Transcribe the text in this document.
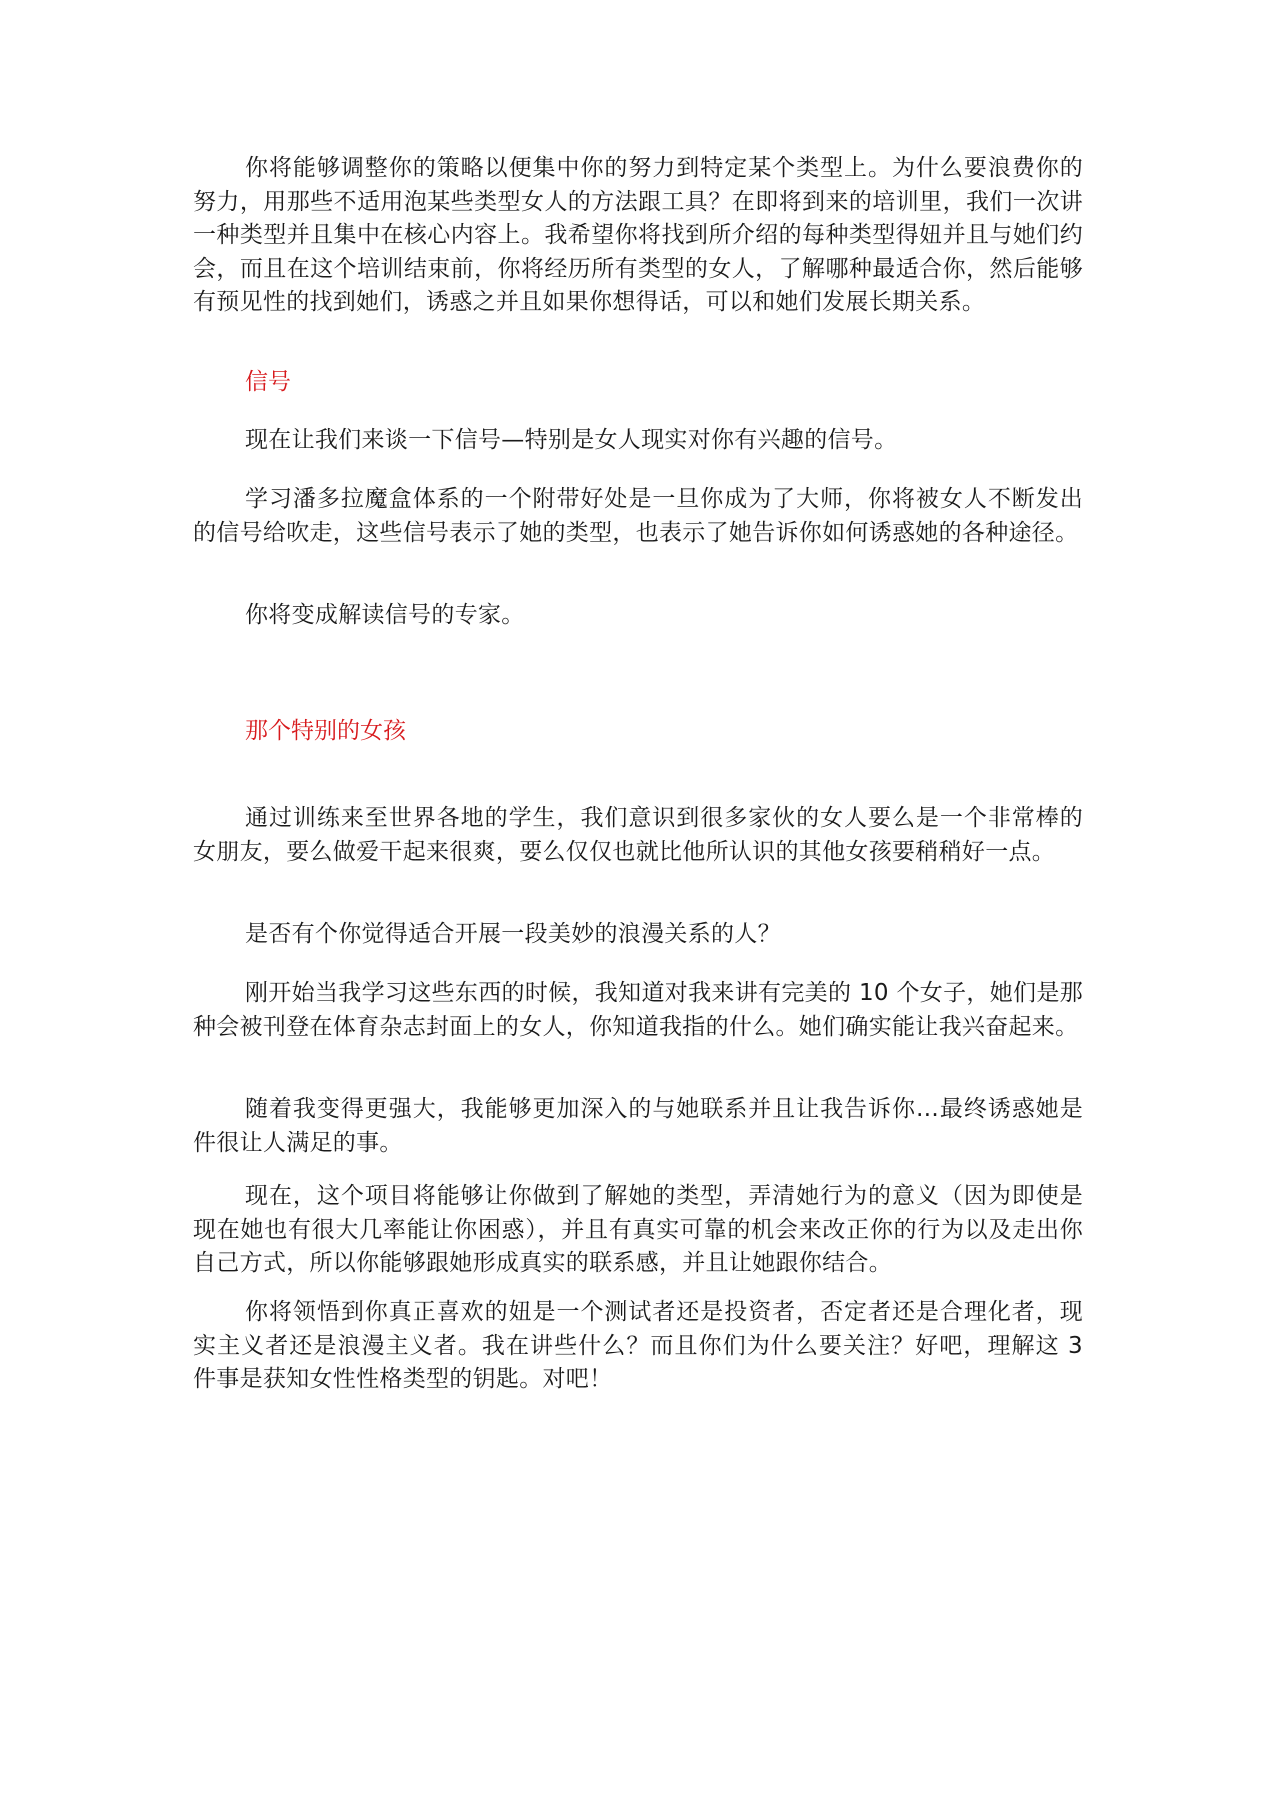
你将能够调整你的策略以便集中你的努力到特定某个类型上。为什么要浪费你的努力，用那些不适用泡某些类型女人的方法跟工具？在即将到来的培训里，我们一次讲一种类型并且集中在核心内容上。我希望你将找到所介绍的每种类型得妞并且与她们约会，而且在这个培训结束前，你将经历所有类型的女人，了解哪种最适合你，然后能够有预见性的找到她们，诱惑之并且如果你想得话，可以和她们发展长期关系。

信号

现在让我们来谈一下信号—特别是女人现实对你有兴趣的信号。

学习潘多拉魔盒体系的一个附带好处是一旦你成为了大师，你将被女人不断发出的信号给吹走，这些信号表示了她的类型，也表示了她告诉你如何诱惑她的各种途径。

你将变成解读信号的专家。

那个特别的女孩

通过训练来至世界各地的学生，我们意识到很多家伙的女人要么是一个非常棒的女朋友，要么做爱干起来很爽，要么仅仅也就比他所认识的其他女孩要稍稍好一点。

是否有个你觉得适合开展一段美妙的浪漫关系的人？

刚开始当我学习这些东西的时候，我知道对我来讲有完美的 10 个女子，她们是那种会被刊登在体育杂志封面上的女人，你知道我指的什么。她们确实能让我兴奋起来。

随着我变得更强大，我能够更加深入的与她联系并且让我告诉你…最终诱惑她是件很让人满足的事。

现在，这个项目将能够让你做到了解她的类型，弄清她行为的意义（因为即使是现在她也有很大几率能让你困惑），并且有真实可靠的机会来改正你的行为以及走出你自己方式，所以你能够跟她形成真实的联系感，并且让她跟你结合。

你将领悟到你真正喜欢的妞是一个测试者还是投资者，否定者还是合理化者，现实主义者还是浪漫主义者。我在讲些什么？而且你们为什么要关注？好吧，理解这 3 件事是获知女性性格类型的钥匙。对吧！
